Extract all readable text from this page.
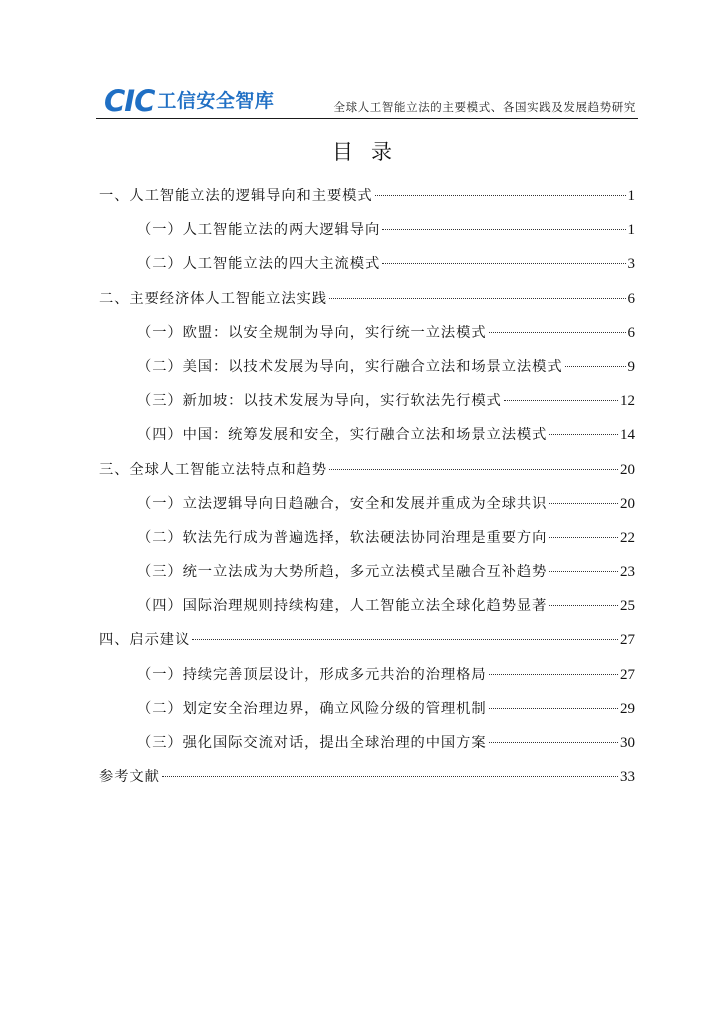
CIC 工信安全智库	全球人工智能立法的主要模式、各国实践及发展趋势研究
目录
一、人工智能立法的逻辑导向和主要模式	1
（一）人工智能立法的两大逻辑导向	1
（二）人工智能立法的四大主流模式	3
二、主要经济体人工智能立法实践	6
（一）欧盟：以安全规制为导向，实行统一立法模式	6
（二）美国：以技术发展为导向，实行融合立法和场景立法模式	9
（三）新加坡：以技术发展为导向，实行软法先行模式	12
（四）中国：统筹发展和安全，实行融合立法和场景立法模式	14
三、全球人工智能立法特点和趋势	20
（一）立法逻辑导向日趋融合，安全和发展并重成为全球共识	20
（二）软法先行成为普遍选择，软法硬法协同治理是重要方向	22
（三）统一立法成为大势所趋，多元立法模式呈融合互补趋势	23
（四）国际治理规则持续构建，人工智能立法全球化趋势显著	25
四、启示建议	27
（一）持续完善顶层设计，形成多元共治的治理格局	27
（二）划定安全治理边界，确立风险分级的管理机制	29
（三）强化国际交流对话，提出全球治理的中国方案	30
参考文献	33
